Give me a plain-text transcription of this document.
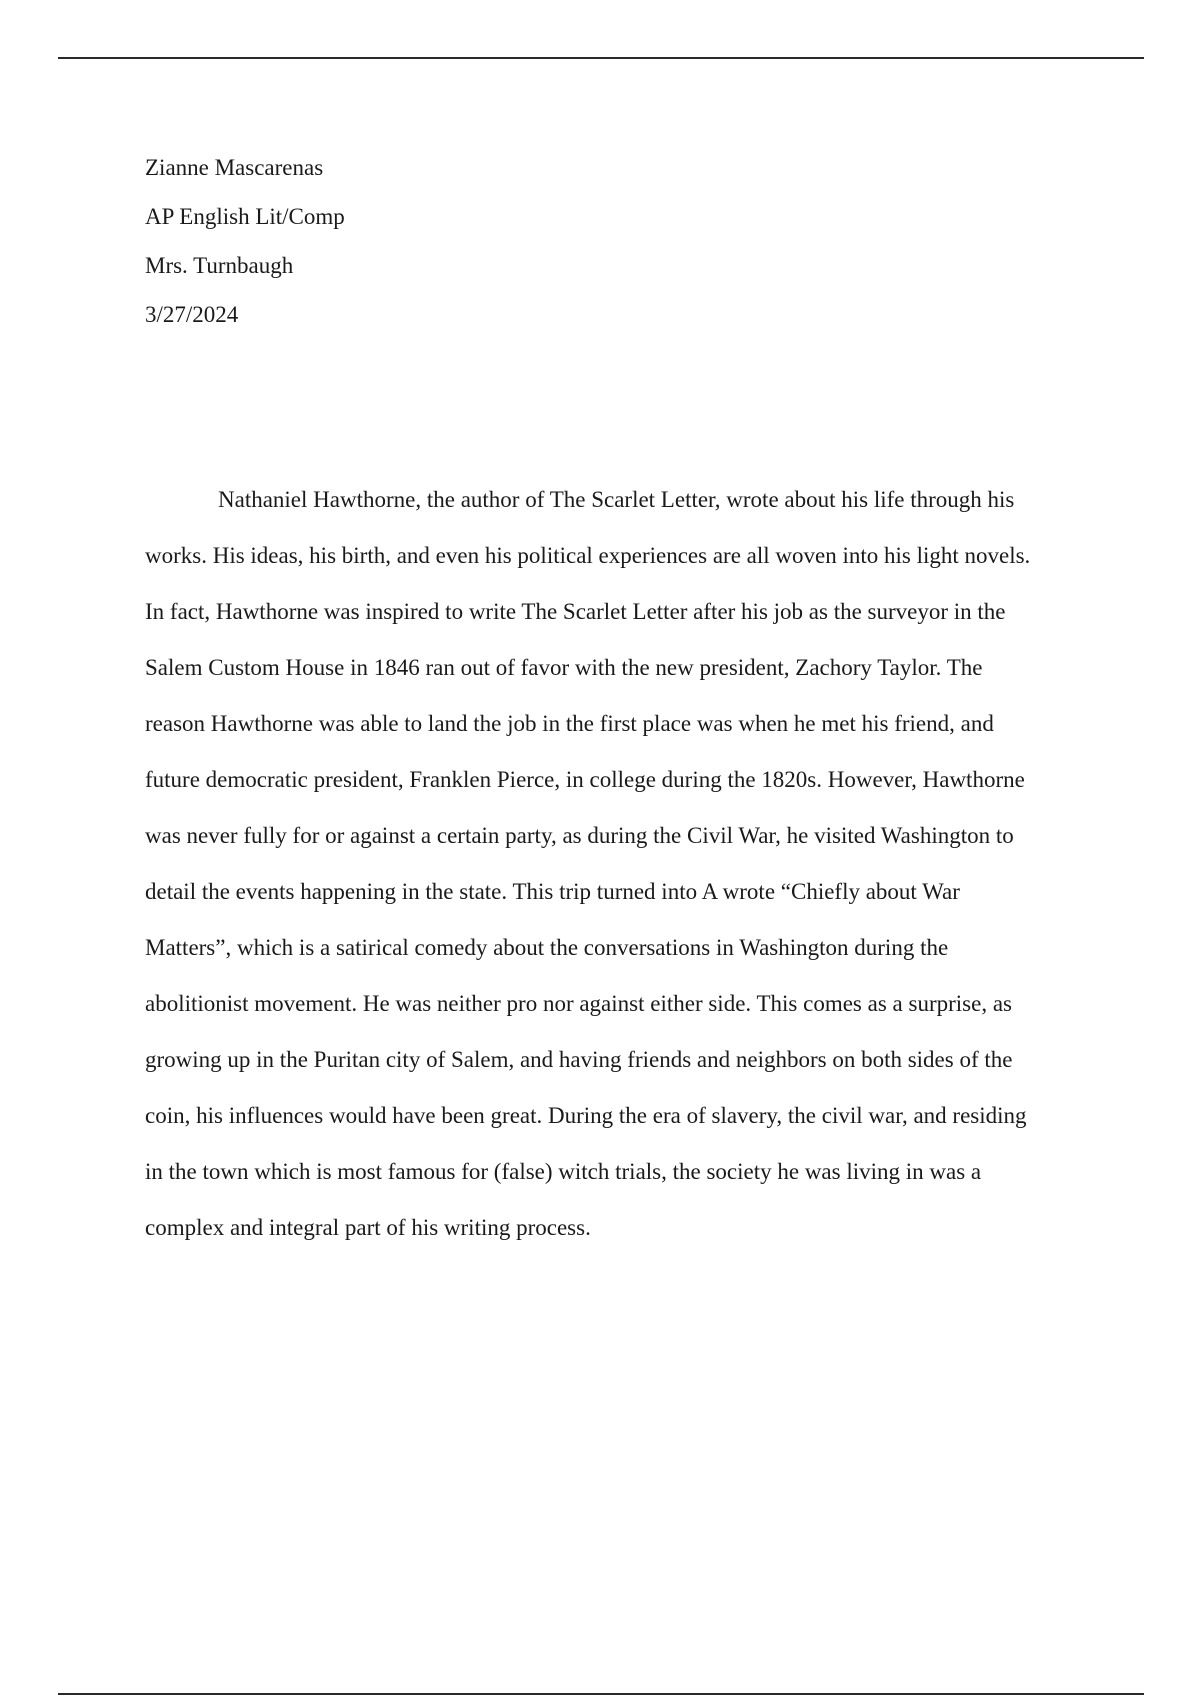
Zianne Mascarenas
AP English Lit/Comp
Mrs. Turnbaugh
3/27/2024
Nathaniel Hawthorne, the author of The Scarlet Letter, wrote about his life through his
works. His ideas, his birth, and even his political experiences are all woven into his light novels.
In fact, Hawthorne was inspired to write The Scarlet Letter after his job as the surveyor in the
Salem Custom House in 1846 ran out of favor with the new president, Zachory Taylor. The
reason Hawthorne was able to land the job in the first place was when he met his friend, and
future democratic president, Franklen Pierce, in college during the 1820s. However, Hawthorne
was never fully for or against a certain party, as during the Civil War, he visited Washington to
detail the events happening in the state. This trip turned into A wrote “Chiefly about War
Matters”, which is a satirical comedy about the conversations in Washington during the
abolitionist movement. He was neither pro nor against either side. This comes as a surprise, as
growing up in the Puritan city of Salem, and having friends and neighbors on both sides of the
coin, his influences would have been great. During the era of slavery, the civil war, and residing
in the town which is most famous for (false) witch trials, the society he was living in was a
complex and integral part of his writing process.
